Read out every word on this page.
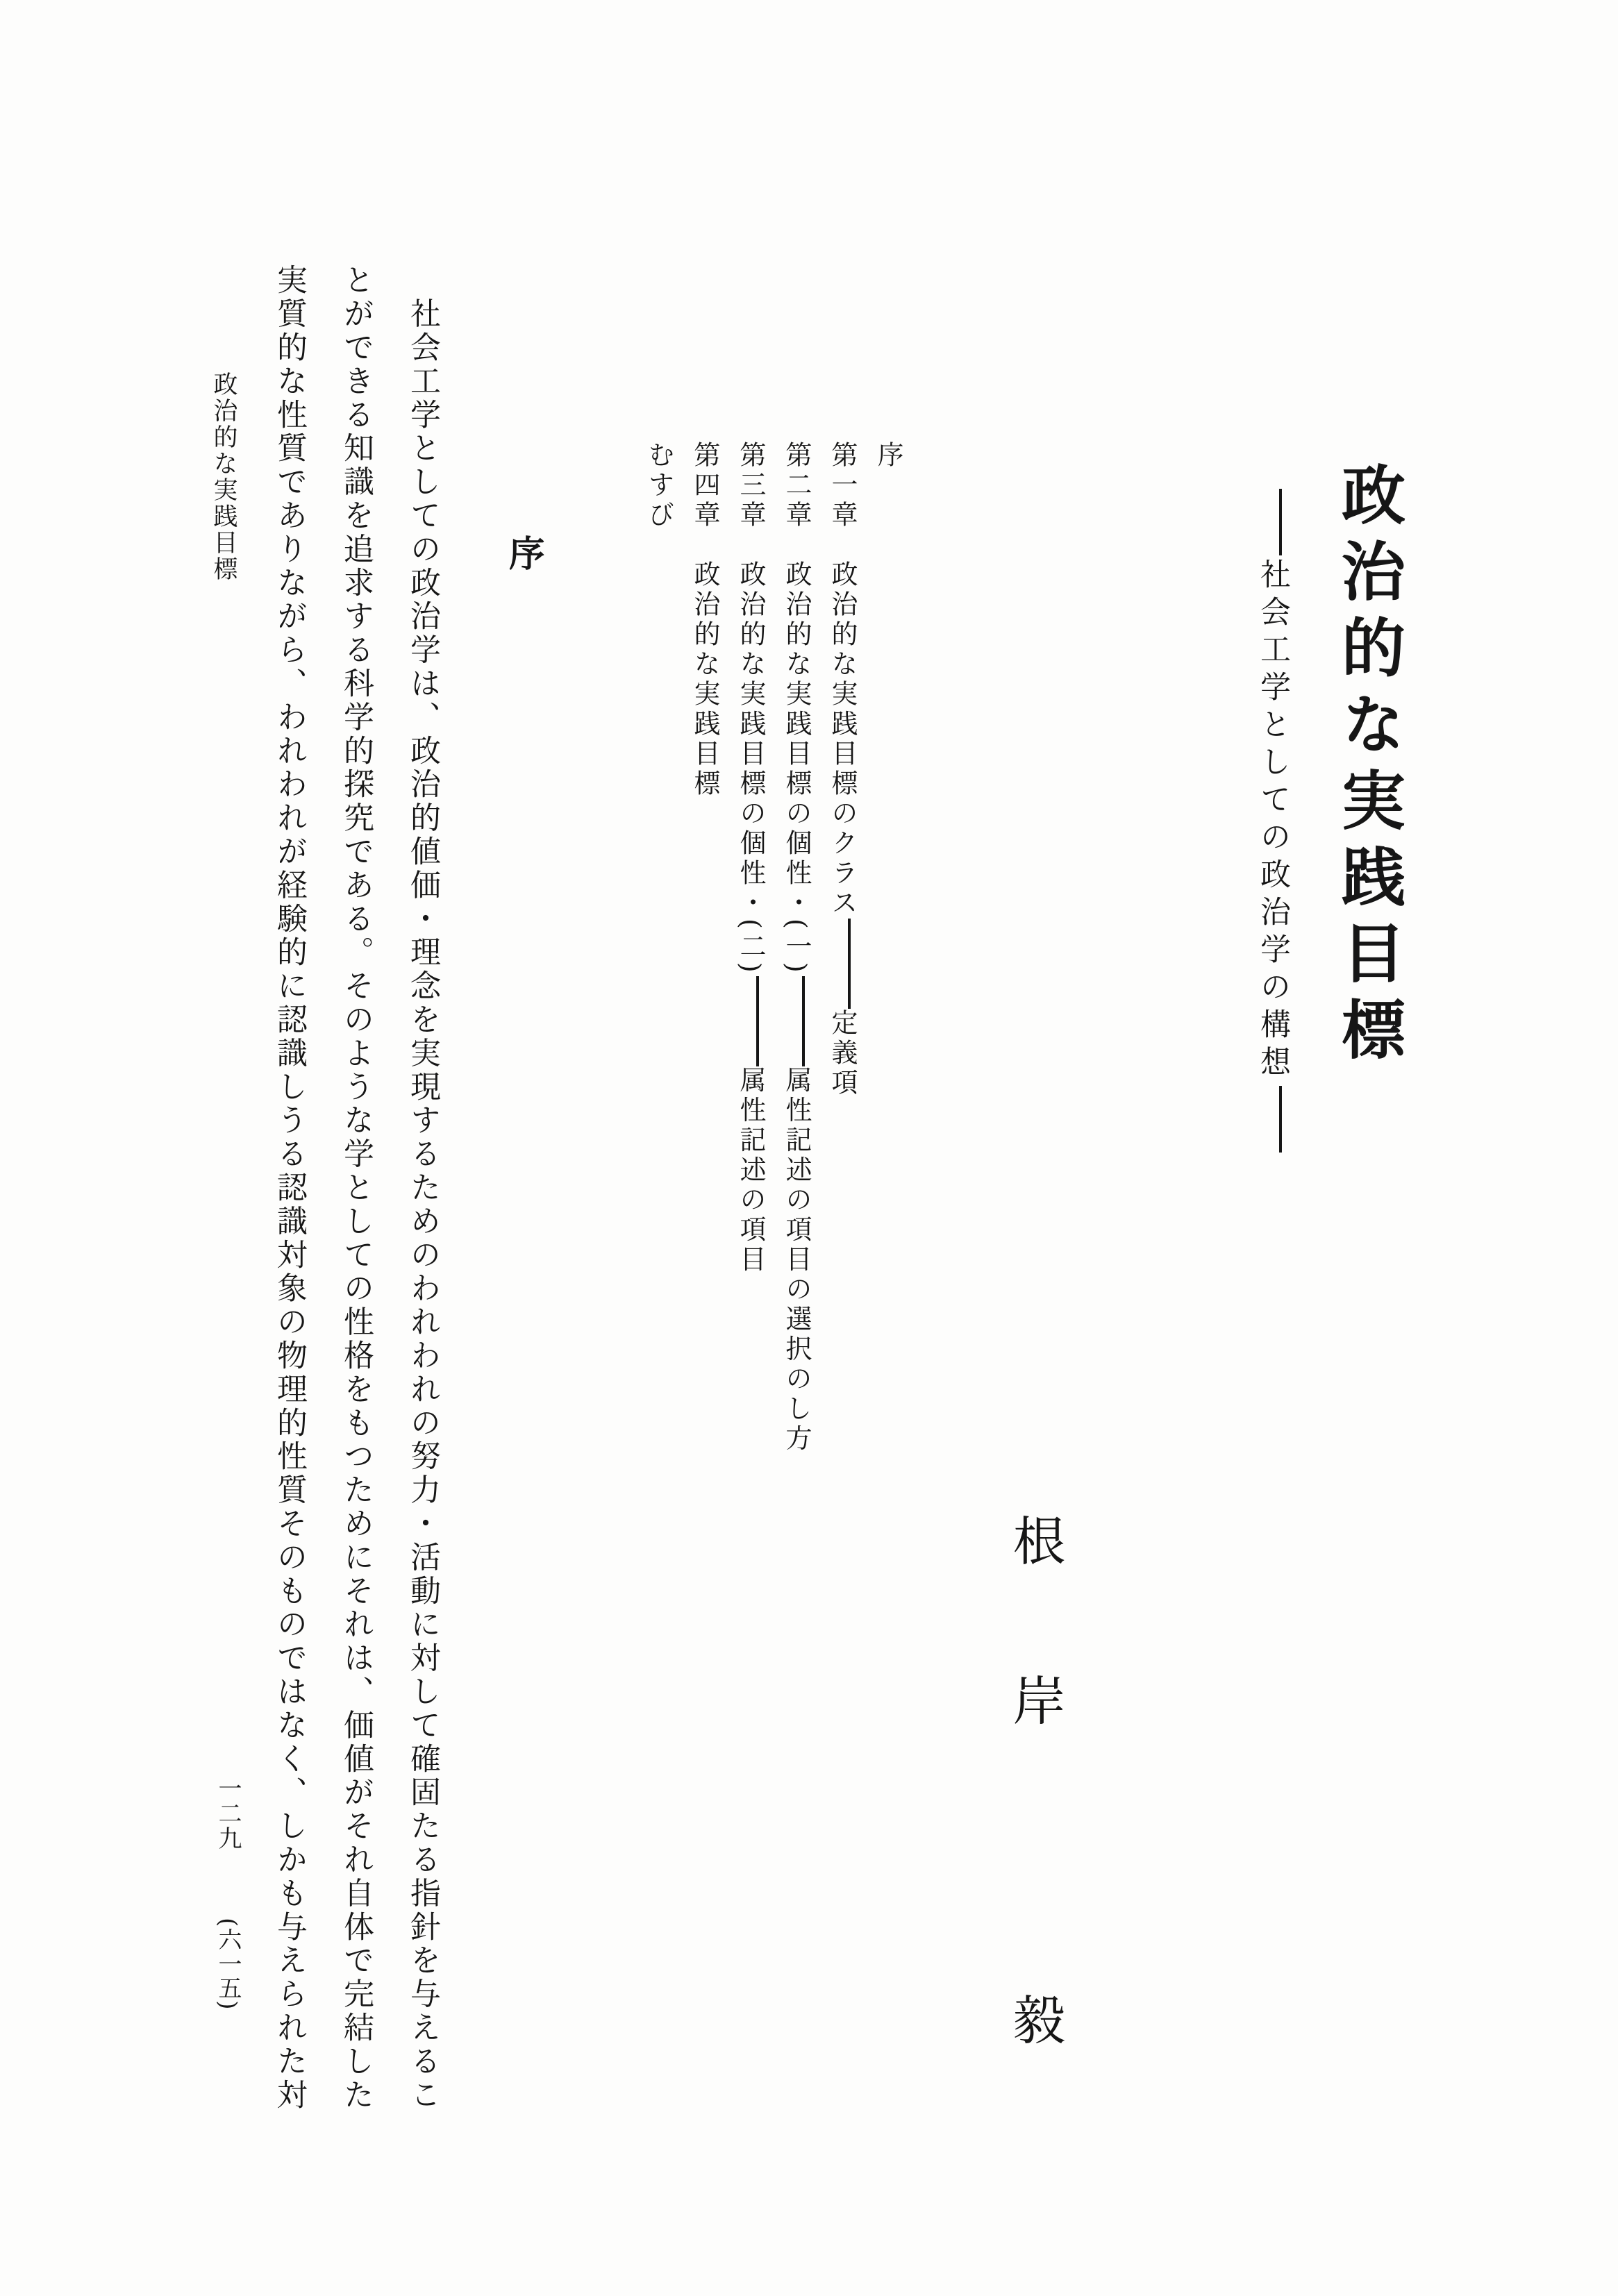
政治的な実践目標
社会工学としての政治学の構想
根岸　毅
序
第一章　政治的な実践目標のクラス定義項
第二章　政治的な実践目標の個性・(一)属性記述の項目の選択のし方
第三章　政治的な実践目標の個性・(二)属性記述の項目
第四章　政治的な実践目標
むすび
序
　社会工学としての政治学は、政治的値価・理念を実現するためのわれわれの努力・活動に対して確固たる指針を与えるこ
とができる知識を追求する科学的探究である。そのような学としての性格をもつためにそれは、価値がそれ自体で完結した
実質的な性質でありながら、われわれが経験的に認識しうる認識対象の物理的性質そのものではなく、しかも与えられた対
政治的な実践目標
一二九
(六一五)
